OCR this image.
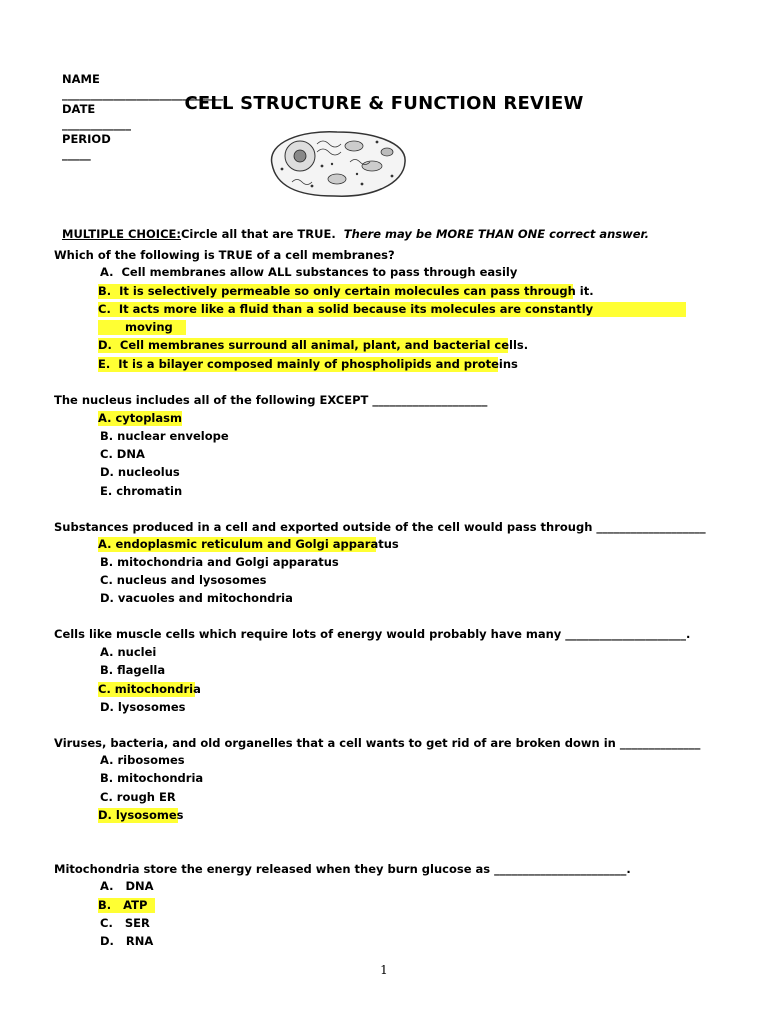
NAME
____________________________
DATE
____________
PERIOD
_____

CELL STRUCTURE & FUNCTION REVIEW

MULTIPLE CHOICE:Circle all that are TRUE. There may be MORE THAN ONE correct answer.

Which of the following is TRUE of a cell membranes?
A.  Cell membranes allow ALL substances to pass through easily
B.  It is selectively permeable so only certain molecules can pass through it.
C.  It acts more like a fluid than a solid because its molecules are constantly
moving
D.  Cell membranes surround all animal, plant, and bacterial cells.
E.  It is a bilayer composed mainly of phospholipids and proteins
The nucleus includes all of the following EXCEPT ____________________
A. cytoplasm
B. nuclear envelope
C. DNA
D. nucleolus
E. chromatin
Substances produced in a cell and exported outside of the cell would pass through ___________________
A. endoplasmic reticulum and Golgi apparatus
B. mitochondria and Golgi apparatus
C. nucleus and lysosomes
D. vacuoles and mitochondria
Cells like muscle cells which require lots of energy would probably have many _____________________.
A. nuclei
B. flagella
C. mitochondria
D. lysosomes
Viruses, bacteria, and old organelles that a cell wants to get rid of are broken down in ______________
A. ribosomes
B. mitochondria
C. rough ER
D. lysosomes
Mitochondria store the energy released when they burn glucose as _______________________.
A.   DNA
B.   ATP
C.   SER
D.   RNA
1
